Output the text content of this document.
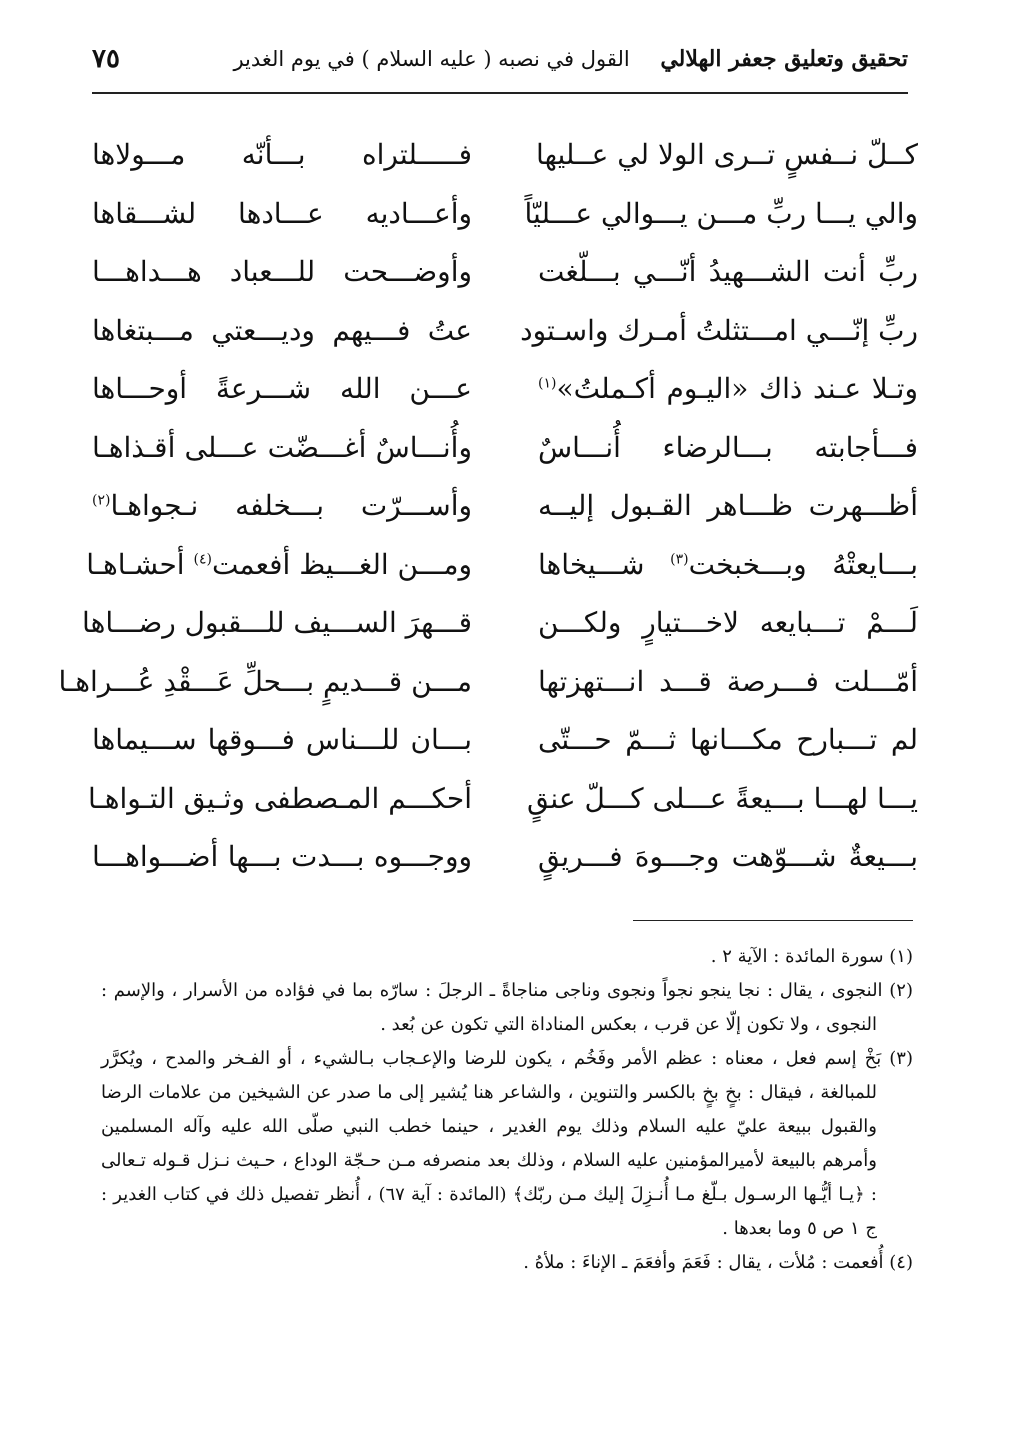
تحقيق وتعليق جعفر الهلالي    القول في نصبه ( عليه السلام ) في يوم الغدير
٧٥
كــلّ نــفسٍ تــرى الولا لي عــليها
فـــــلتراه بـــأنّه مـــولاها
والي يـــا ربِّ مـــن يـــوالي عـــليّاً
وأعـــاديه عـــادها لشـــقاها
ربِّ أنت الشـــهيدُ أنّـــي بـــلّغت
وأوضـــحت للـــعباد هـــداهـــا
ربِّ إنّـــي امـــتثلتُ أمـرك واسـتود
عتُ فـــيهم وديـــعتي مـــبتغاها
وتـلا عـند ذاك «اليـوم أكـملتُ»$^{(١)}$
عـــن الله شـــرعةً أوحـــاها
فـــأجابته بـــالرضاء أُنـــاسٌ
وأُنـــاسٌ أغـــضّت عـــلى أقـذاهـا
أظـــهرت ظـــاهر القـبول إليــه
وأســـرّت بـــخلفه نـجواهـا$^{(٢)}$
بـــايعتْهُ وبـــخبخت$^{(٣)}$ شـــيخاها
ومـــن الغـــيظ أفعمت$^{(٤)}$ أحشـاهـا
لَـــمْ تـــبايعه لاخـــتيارٍ ولكـــن
قـــهرَ الســـيف للـــقبول رضـــاها
أمّـــلت فـــرصة قـــد انـــتهزتها
مـــن قـــديمٍ بـــحلِّ عَـــقْدِ عُـــراهـا
لم تـــبارح مكـــانها ثـــمّ حـــتّى
بـــان للـــناس فـــوقها ســـيماها
يـــا لهـــا بـــيعةً عـــلى كـــلّ عنقٍ
أحكـــم المـصطفى وثـيق التـواهـا
بـــيعةٌ شـــوّهت وجـــوهَ فـــريقٍ
ووجـــوه بـــدت بـــها أضـــواهـــا

(١) سورة المائدة : الآية ٢ .

(٢) النجوى ، يقال : نجا ينجو نجواً ونجوى وناجى مناجاةً ـ الرجلَ : سارّه بما في فؤاده من الأسرار ، والإسم : النجوى ، ولا تكون إلّا عن قرب ، بعكس المناداة التي تكون عن بُعد .

(٣) بَخْ إسم فعل ، معناه : عظم الأمر وفَخُم ، يكون للرضا والإعـجاب بـالشيء ، أو الفـخر والمدح ، ويُكرَّر للمبالغة ، فيقال : بخٍ بخٍ بالكسر والتنوين ، والشاعر هنا يُشير إلى ما صدر عن الشيخين من علامات الرضا والقبول ببيعة عليّ عليه السلام وذلك يوم الغدير ، حينما خطب النبي صلّى الله عليه وآله المسلمين وأمرهم بالبيعة لأميرالمؤمنين عليه السلام ، وذلك بعد منصرفه مـن حـجّة الوداع ، حـيث نـزل قـوله تـعالى : ﴿يـا أيُّـها الرسـول بـلّغ مـا أُنـزِلَ إليك مـن ربّك﴾ (المائدة : آية ٦٧) ، أُنظر تفصيل ذلك في كتاب الغدير : ج ١ ص ٥ وما بعدها .

(٤) أُفعمت : مُلأت ، يقال : فَعَمَ وأفعَمَ ـ الإناءَ : ملأهُ .
